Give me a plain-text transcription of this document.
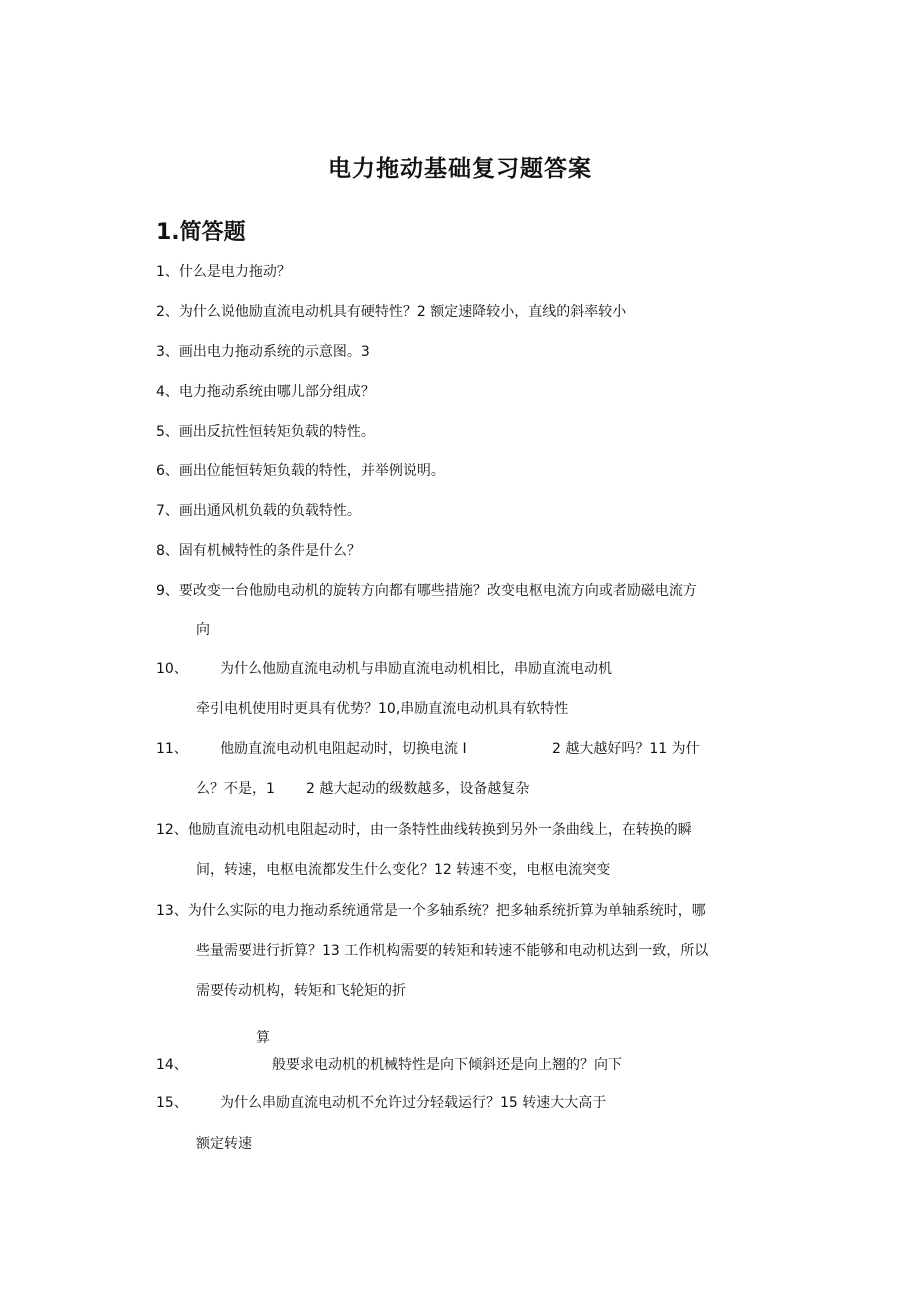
电力拖动基础复习题答案
1.简答题
1、什么是电力拖动？
2、为什么说他励直流电动机具有硬特性？2 额定速降较小，直线的斜率较小
3、画出电力拖动系统的示意图。3
4、电力拖动系统由哪儿部分组成？
5、画出反抗性恒转矩负载的特性。
6、画出位能恒转矩负载的特性，并举例说明。
7、画出通风机负载的负载特性。
8、固有机械特性的条件是什么？
9、要改变一台他励电动机的旋转方向都有哪些措施？改变电枢电流方向或者励磁电流方
向
10、 为什么他励直流电动机与串励直流电动机相比，串励直流电动机
牵引电机使用时更具有优势？10,串励直流电动机具有软特性
11、 他励直流电动机电阻起动时，切换电流 I	2 越大越好吗？11 为什
么？不是，1 2 越大起动的级数越多，设备越复杂
12、他励直流电动机电阻起动时，由一条特性曲线转换到另外一条曲线上，在转换的瞬
间，转速，电枢电流都发生什么变化？12 转速不变，电枢电流突变
13、为什么实际的电力拖动系统通常是一个多轴系统？把多轴系统折算为单轴系统时，哪
些量需要进行折算？13 工作机构需要的转矩和转速不能够和电动机达到一致，所以
需要传动机构，转矩和飞轮矩的折
算
14、	般要求电动机的机械特性是向下倾斜还是向上翘的？向下
15、 为什么串励直流电动机不允许过分轻载运行？15 转速大大高于
额定转速
